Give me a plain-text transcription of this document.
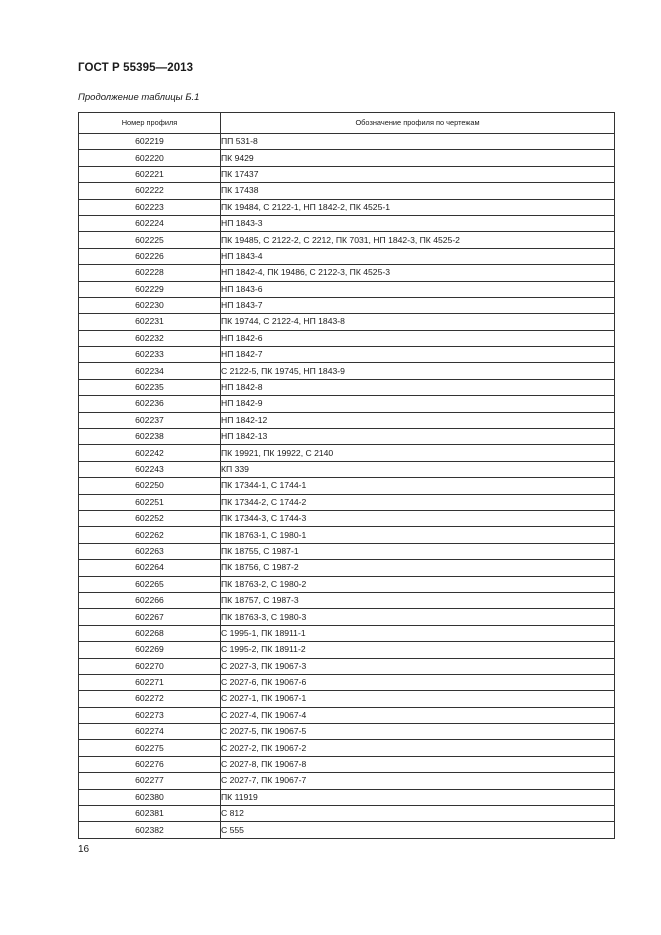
ГОСТ Р 55395—2013
Продолжение таблицы Б.1
Номер профиля	Обозначение профиля по чертежам
602219	ПП 531-8
602220	ПК 9429
602221	ПК 17437
602222	ПК 17438
602223	ПК 19484, С 2122-1, НП 1842-2, ПК 4525-1
602224	НП 1843-3
602225	ПК 19485, С 2122-2, С 2212, ПК 7031, НП 1842-3, ПК 4525-2
602226	НП 1843-4
602228	НП 1842-4, ПК 19486, С 2122-3, ПК 4525-3
602229	НП 1843-6
602230	НП 1843-7
602231	ПК 19744, С 2122-4, НП 1843-8
602232	НП 1842-6
602233	НП 1842-7
602234	С 2122-5, ПК 19745, НП 1843-9
602235	НП 1842-8
602236	НП 1842-9
602237	НП 1842-12
602238	НП 1842-13
602242	ПК 19921, ПК 19922, С 2140
602243	КП 339
602250	ПК 17344-1, С 1744-1
602251	ПК 17344-2, С 1744-2
602252	ПК 17344-3, С 1744-3
602262	ПК 18763-1, С 1980-1
602263	ПК 18755, С 1987-1
602264	ПК 18756, С 1987-2
602265	ПК 18763-2, С 1980-2
602266	ПК 18757, С 1987-3
602267	ПК 18763-3, С 1980-3
602268	С 1995-1, ПК 18911-1
602269	С 1995-2, ПК 18911-2
602270	С 2027-3, ПК 19067-3
602271	С 2027-6, ПК 19067-6
602272	С 2027-1, ПК 19067-1
602273	С 2027-4, ПК 19067-4
602274	С 2027-5, ПК 19067-5
602275	С 2027-2, ПК 19067-2
602276	С 2027-8, ПК 19067-8
602277	С 2027-7, ПК 19067-7
602380	ПК 11919
602381	С 812
602382	С 555
16
